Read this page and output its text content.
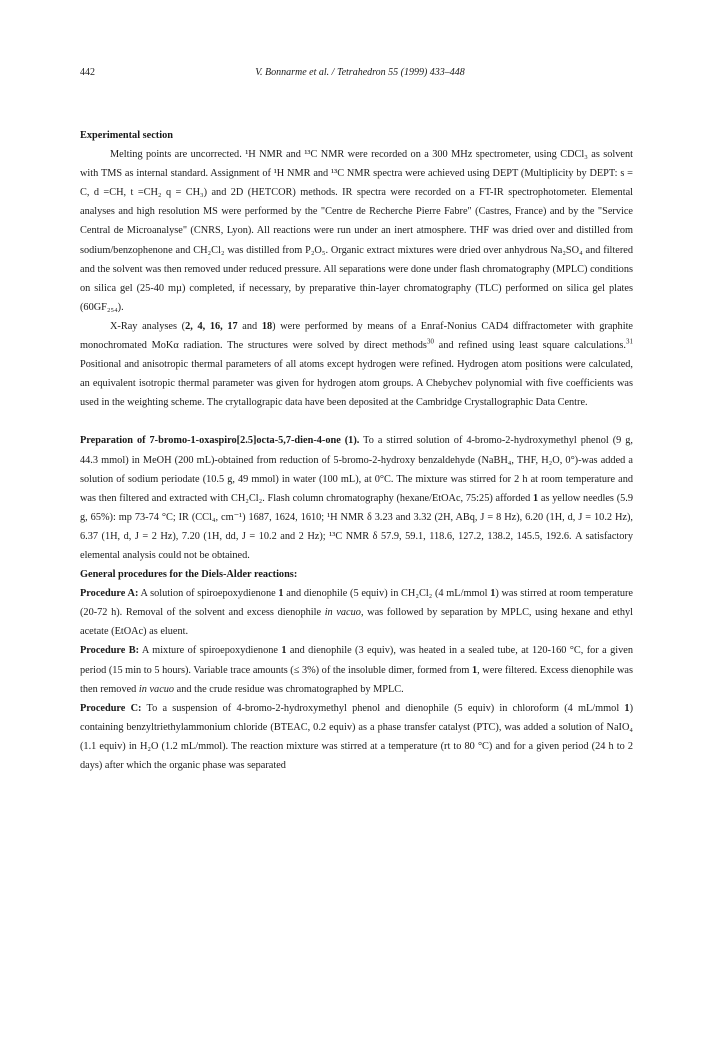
442	V. Bonnarme et al. / Tetrahedron 55 (1999) 433–448

Experimental section

Melting points are uncorrected. ¹H NMR and ¹³C NMR were recorded on a 300 MHz spectrometer, using CDCl₃ as solvent with TMS as internal standard. Assignment of ¹H NMR and ¹³C NMR spectra were achieved using DEPT (Multiplicity by DEPT: s = C, d =CH, t =CH₂ q = CH₃) and 2D (HETCOR) methods. IR spectra were recorded on a FT-IR spectrophotometer. Elemental analyses and high resolution MS were performed by the "Centre de Recherche Pierre Fabre" (Castres, France) and by the "Service Central de Microanalyse" (CNRS, Lyon). All reactions were run under an inert atmosphere. THF was dried over and distilled from sodium/benzophenone and CH₂Cl₂ was distilled from P₂O₅. Organic extract mixtures were dried over anhydrous Na₂SO₄ and filtered and the solvent was then removed under reduced pressure. All separations were done under flash chromatography (MPLC) conditions on silica gel (25-40 mµ) completed, if necessary, by preparative thin-layer chromatography (TLC) performed on silica gel plates (60GF₂₅₄).

X-Ray analyses (2, 4, 16, 17 and 18) were performed by means of a Enraf-Nonius CAD4 diffractometer with graphite monochromated MoKα radiation. The structures were solved by direct methods$^{30}$ and refined using least square calculations.$^{31}$ Positional and anisotropic thermal parameters of all atoms except hydrogen were refined. Hydrogen atom positions were calculated, an equivalent isotropic thermal parameter was given for hydrogen atom groups. A Chebychev polynomial with five coefficients was used in the weighting scheme. The crytallograpic data have been deposited at the Cambridge Crystallographic Data Centre.

Preparation of 7-bromo-1-oxaspiro[2.5]octa-5,7-dien-4-one (1). To a stirred solution of 4-bromo-2-hydroxymethyl phenol (9 g, 44.3 mmol) in MeOH (200 mL)-obtained from reduction of 5-bromo-2-hydroxy benzaldehyde (NaBH₄, THF, H₂O, 0°)-was added a solution of sodium periodate (10.5 g, 49 mmol) in water (100 mL), at 0°C. The mixture was stirred for 2 h at room temperature and was then filtered and extracted with CH₂Cl₂. Flash column chromatography (hexane/EtOAc, 75:25) afforded 1 as yellow needles (5.9 g, 65%): mp 73-74 °C; IR (CCl₄, cm⁻¹) 1687, 1624, 1610; ¹H NMR δ 3.23 and 3.32 (2H, ABq, J = 8 Hz), 6.20 (1H, d, J = 10.2 Hz), 6.37 (1H, d, J = 2 Hz), 7.20 (1H, dd, J = 10.2 and 2 Hz); ¹³C NMR δ 57.9, 59.1, 118.6, 127.2, 138.2, 145.5, 192.6. A satisfactory elemental analysis could not be obtained.

General procedures for the Diels-Alder reactions:

Procedure A: A solution of spiroepoxydienone 1 and dienophile (5 equiv) in CH₂Cl₂ (4 mL/mmol 1) was stirred at room temperature (20-72 h). Removal of the solvent and excess dienophile in vacuo, was followed by separation by MPLC, using hexane and ethyl acetate (EtOAc) as eluent.

Procedure B: A mixture of spiroepoxydienone 1 and dienophile (3 equiv), was heated in a sealed tube, at 120-160 °C, for a given period (15 min to 5 hours). Variable trace amounts (≤ 3%) of the insoluble dimer, formed from 1, were filtered. Excess dienophile was then removed in vacuo and the crude residue was chromatographed by MPLC.

Procedure C: To a suspension of 4-bromo-2-hydroxymethyl phenol and dienophile (5 equiv) in chloroform (4 mL/mmol 1) containing benzyltriethylammonium chloride (BTEAC, 0.2 equiv) as a phase transfer catalyst (PTC), was added a solution of NaIO₄ (1.1 equiv) in H₂O (1.2 mL/mmol). The reaction mixture was stirred at a temperature (rt to 80 °C) and for a given period (24 h to 2 days) after which the organic phase was separated
